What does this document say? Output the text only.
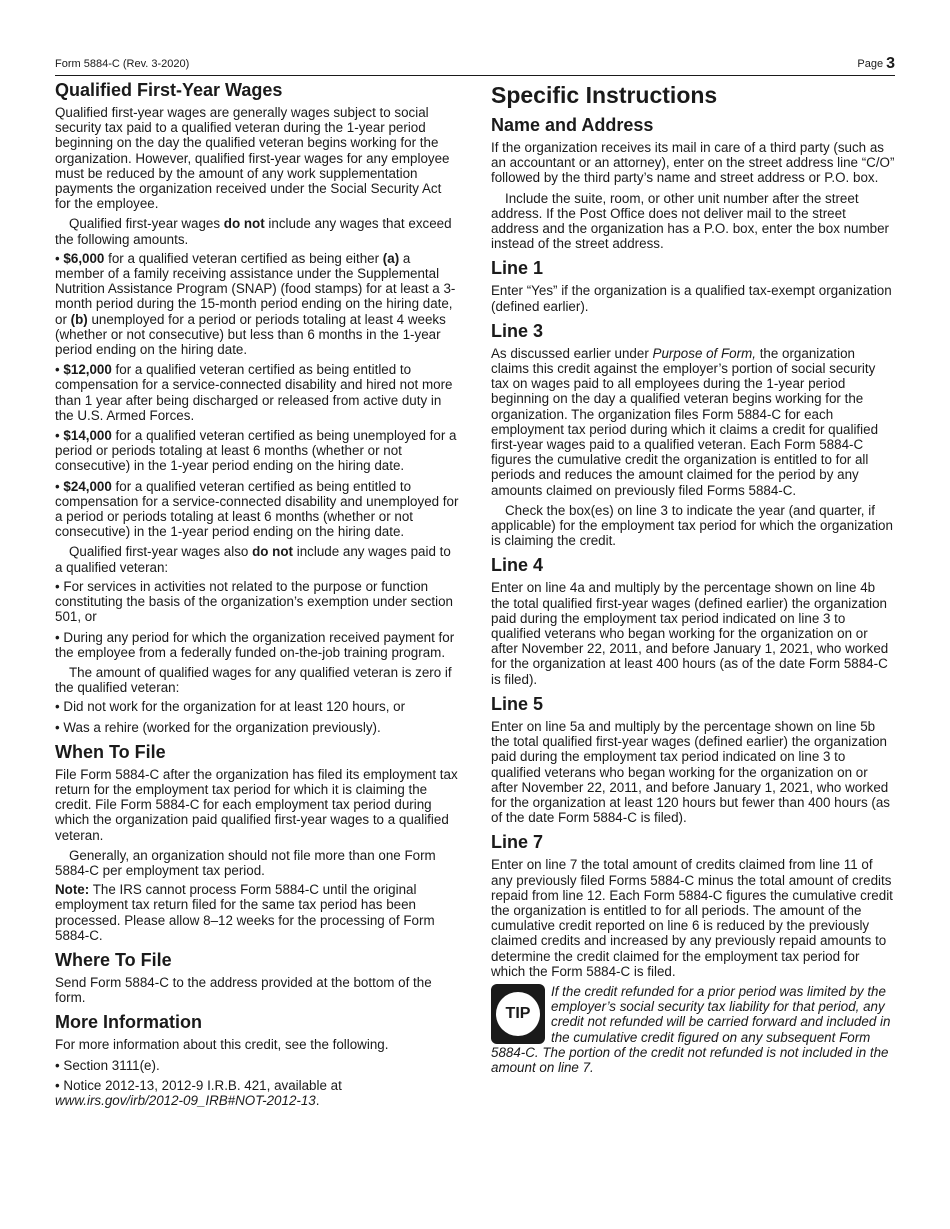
Form 5884-C (Rev. 3-2020)	Page 3
Qualified First-Year Wages

Qualified first-year wages are generally wages subject to social security tax paid to a qualified veteran during the 1-year period beginning on the day the qualified veteran begins working for the organization. However, qualified first-year wages for any employee must be reduced by the amount of any work supplementation payments the organization received under the Social Security Act for the employee.

Qualified first-year wages do not include any wages that exceed the following amounts.

• $6,000 for a qualified veteran certified as being either (a) a member of a family receiving assistance under the Supplemental Nutrition Assistance Program (SNAP) (food stamps) for at least a 3-month period during the 15-month period ending on the hiring date, or (b) unemployed for a period or periods totaling at least 4 weeks (whether or not consecutive) but less than 6 months in the 1-year period ending on the hiring date.

• $12,000 for a qualified veteran certified as being entitled to compensation for a service-connected disability and hired not more than 1 year after being discharged or released from active duty in the U.S. Armed Forces.

• $14,000 for a qualified veteran certified as being unemployed for a period or periods totaling at least 6 months (whether or not consecutive) in the 1-year period ending on the hiring date.

• $24,000 for a qualified veteran certified as being entitled to compensation for a service-connected disability and unemployed for a period or periods totaling at least 6 months (whether or not consecutive) in the 1-year period ending on the hiring date.

Qualified first-year wages also do not include any wages paid to a qualified veteran:

• For services in activities not related to the purpose or function constituting the basis of the organization’s exemption under section 501, or

• During any period for which the organization received payment for the employee from a federally funded on-the-job training program.

The amount of qualified wages for any qualified veteran is zero if the qualified veteran:

• Did not work for the organization for at least 120 hours, or

• Was a rehire (worked for the organization previously).

When To File

File Form 5884-C after the organization has filed its employment tax return for the employment tax period for which it is claiming the credit. File Form 5884-C for each employment tax period during which the organization paid qualified first-year wages to a qualified veteran.

Generally, an organization should not file more than one Form 5884-C per employment tax period.

Note: The IRS cannot process Form 5884-C until the original employment tax return filed for the same tax period has been processed. Please allow 8–12 weeks for the processing of Form 5884-C.

Where To File

Send Form 5884-C to the address provided at the bottom of the form.

More Information

For more information about this credit, see the following.

• Section 3111(e).

• Notice 2012-13, 2012-9 I.R.B. 421, available at
www.irs.gov/irb/2012-09_IRB#NOT-2012-13.

Specific Instructions
Name and Address

If the organization receives its mail in care of a third party (such as an accountant or an attorney), enter on the street address line “C/O” followed by the third party’s name and street address or P.O. box.

Include the suite, room, or other unit number after the street address. If the Post Office does not deliver mail to the street address and the organization has a P.O. box, enter the box number instead of the street address.

Line 1

Enter “Yes” if the organization is a qualified tax-exempt organization (defined earlier).

Line 3

As discussed earlier under Purpose of Form, the organization claims this credit against the employer’s portion of social security tax on wages paid to all employees during the 1-year period beginning on the day a qualified veteran begins working for the organization. The organization files Form 5884-C for each employment tax period during which it claims a credit for qualified first-year wages paid to a qualified veteran. Each Form 5884-C figures the cumulative credit the organization is entitled to for all periods and reduces the amount claimed for the period by any amounts claimed on previously filed Forms 5884-C.

Check the box(es) on line 3 to indicate the year (and quarter, if applicable) for the employment tax period for which the organization is claiming the credit.

Line 4

Enter on line 4a and multiply by the percentage shown on line 4b the total qualified first-year wages (defined earlier) the organization paid during the employment tax period indicated on line 3 to qualified veterans who began working for the organization on or after November 22, 2011, and before January 1, 2021, who worked for the organization at least 400 hours (as of the date Form 5884-C is filed).

Line 5

Enter on line 5a and multiply by the percentage shown on line 5b the total qualified first-year wages (defined earlier) the organization paid during the employment tax period indicated on line 3 to qualified veterans who began working for the organization on or after November 22, 2011, and before January 1, 2021, who worked for the organization at least 120 hours but fewer than 400 hours (as of the date Form 5884-C is filed).

Line 7

Enter on line 7 the total amount of credits claimed from line 11 of any previously filed Forms 5884-C minus the total amount of credits repaid from line 12. Each Form 5884-C figures the cumulative credit the organization is entitled to for all periods. The amount of the cumulative credit reported on line 6 is reduced by the previously claimed credits and increased by any previously repaid amounts to determine the credit claimed for the employment tax period for which the Form 5884-C is filed.

TIP
If the credit refunded for a prior period was limited by the employer’s social security tax liability for that period, any credit not refunded will be carried forward and included in the cumulative credit figured on any subsequent Form 5884-C. The portion of the credit not refunded is not included in the amount on line 7.
